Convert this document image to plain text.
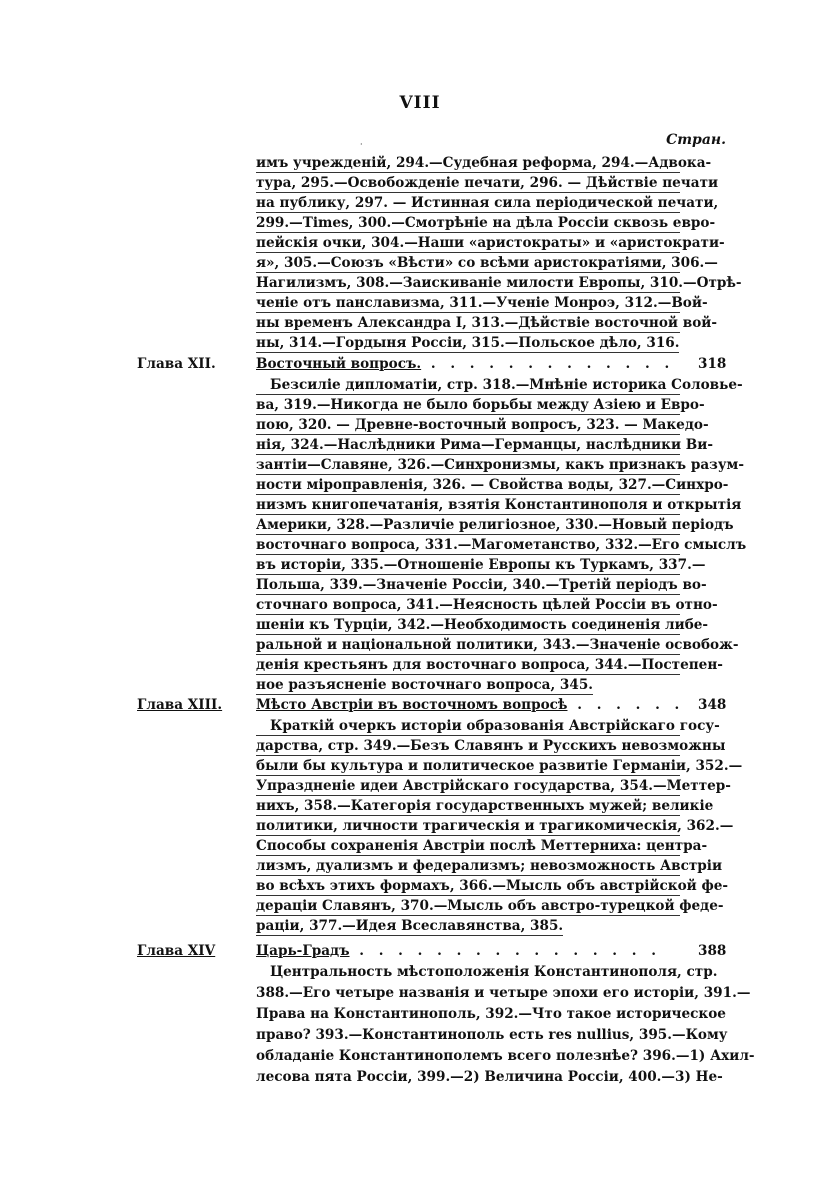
VIII
·	Стран.
имъ учрежденій, 294.—Судебная реформа, 294.—Адвока-
тура, 295.—Освобожденіе печати, 296. — Дѣйствіе печати
на публику, 297. — Истинная сила періодической печати,
299.—Times, 300.—Смотрѣніе на дѣла Россіи сквозь евро-
пейскія очки, 304.—Наши «аристократы» и «аристократи-
я», 305.—Союзъ «Вѣсти» со всѣми аристократіями, 306.—
Нагилизмъ, 308.—Заискиваніе милости Европы, 310.—Отрѣ-
ченіе отъ панславизма, 311.—Ученіе Монроэ, 312.—Вой-
ны временъ Александра I, 313.—Дѣйствіе восточной вой-
ны, 314.—Гордыня Россіи, 315.—Польское дѣло, 316.
Глава XII.	Восточный вопросъ. . . . . . . . . . . . . .	318
Безсиліе дипломатіи, стр. 318.—Мнѣніе историка Соловье-
ва, 319.—Никогда не было борьбы между Азіею и Евро-
пою, 320. — Древне-восточный вопросъ, 323. — Македо-
нія, 324.—Наслѣдники Рима—Германцы, наслѣдники Ви-
зантіи—Славяне, 326.—Синхронизмы, какъ признакъ разум-
ности міроправленія, 326. — Свойства воды, 327.—Синхро-
низмъ книгопечатанія, взятія Константинополя и открытія
Америки, 328.—Различіе религіозное, 330.—Новый періодъ
восточнаго вопроса, 331.—Магометанство, 332.—Его смыслъ
въ исторіи, 335.—Отношеніе Европы къ Туркамъ, 337.—
Польша, 339.—Значеніе Россіи, 340.—Третій періодъ во-
сточнаго вопроса, 341.—Неясность цѣлей Россіи въ отно-
шеніи къ Турціи, 342.—Необходимость соединенія либе-
ральной и національной политики, 343.—Значеніе освобож-
денія крестьянъ для восточнаго вопроса, 344.—Постепен-
ное разъясненіе восточнаго вопроса, 345.
Глава XIII. Мѣсто Австріи въ восточномъ вопросѣ . . . . . . 348
Краткій очеркъ исторіи образованія Австрійскаго госу-
дарства, стр. 349.—Безъ Славянъ и Русскихъ невозможны
были бы культура и политическое развитіе Германіи, 352.—
Упраздненіе идеи Австрійскаго государства, 354.—Меттер-
нихъ, 358.—Категорія государственныхъ мужей; великіе
политики, личности трагическія и трагикомическія, 362.—
Способы сохраненія Австріи послѣ Меттерниха: центра-
лизмъ, дуализмъ и федерализмъ; невозможность Австріи
во всѣхъ этихъ формахъ, 366.—Мысль объ австрійской фе-
дераціи Славянъ, 370.—Мысль объ австро-турецкой феде-
раціи, 377.—Идея Всеславянства, 385.
Глава XIV	Царь-Градъ . . . . . . . . . . . . . . . .	388
Центральность мѣстоположенія Константинополя, стр.
388.—Его четыре названія и четыре эпохи его исторіи, 391.—
Права на Константинополь, 392.—Что такое историческое
право? 393.—Константинополь есть res nullius, 395.—Кому
обладаніе Константинополемъ всего полезнѣе? 396.—1) Ахил-
лесова пята Россіи, 399.—2) Величина Россіи, 400.—3) Не-
